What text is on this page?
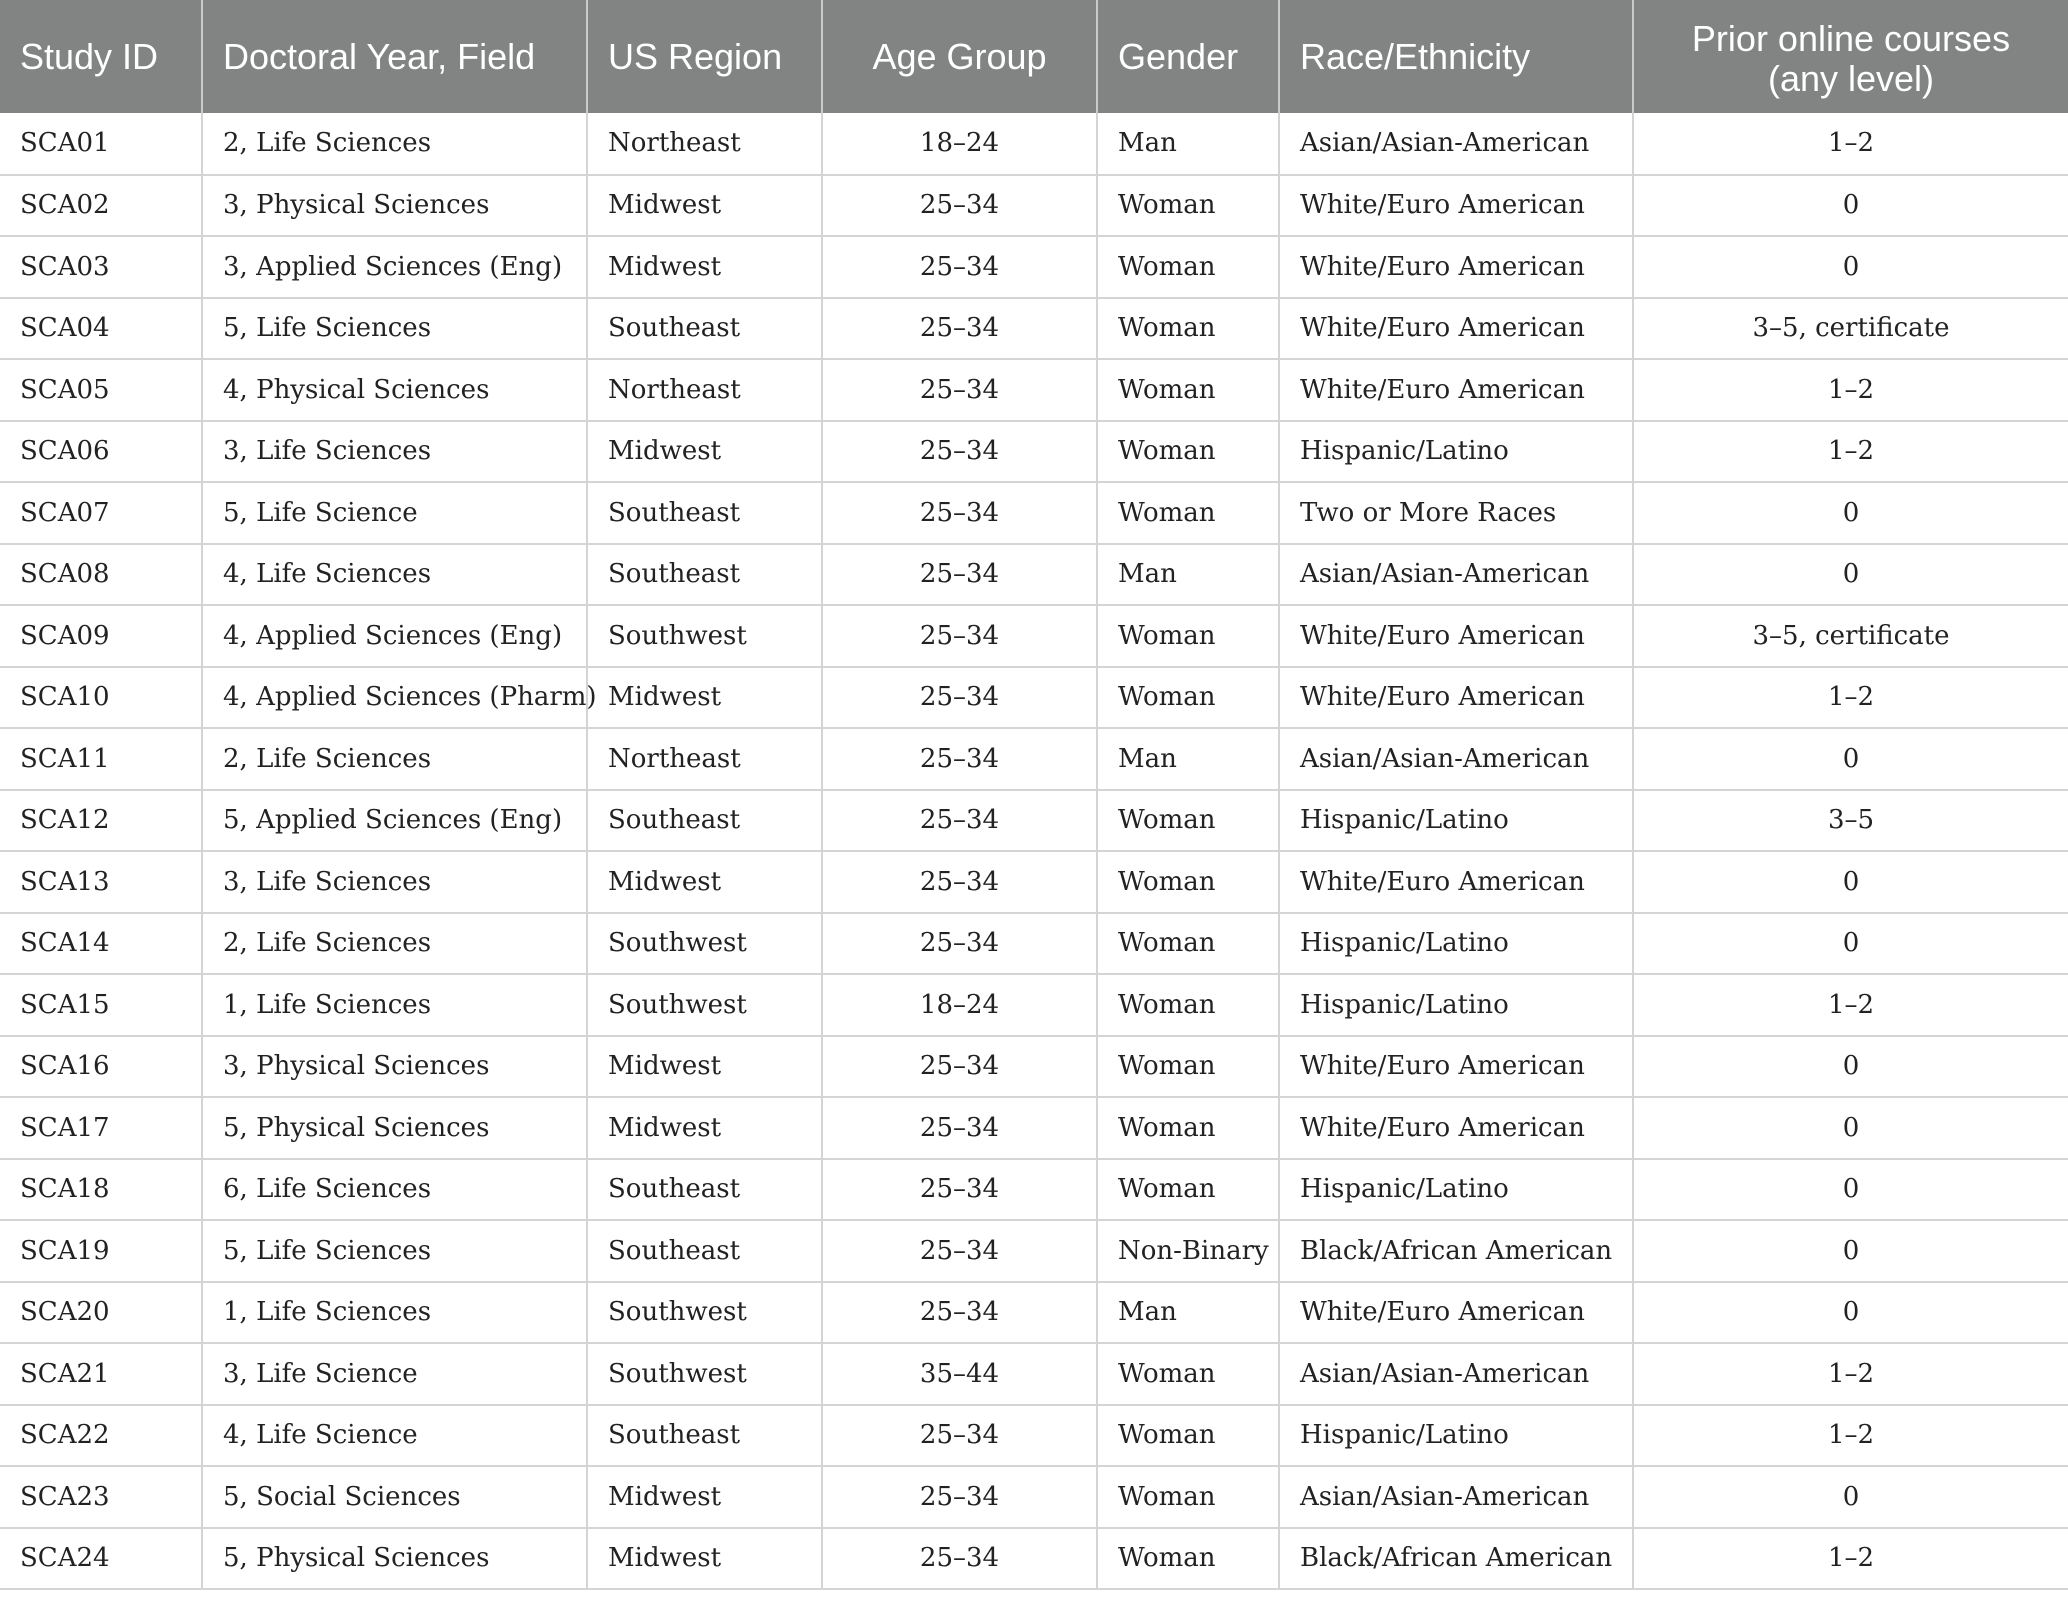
Study ID	Doctoral Year, Field	US Region	Age Group	Gender	Race/Ethnicity	Prior online courses
(any level)
SCA01	2, Life Sciences	Northeast	18–24	Man	Asian/Asian-American	1–2
SCA02	3, Physical Sciences	Midwest	25–34	Woman	White/Euro American	0
SCA03	3, Applied Sciences (Eng)	Midwest	25–34	Woman	White/Euro American	0
SCA04	5, Life Sciences	Southeast	25–34	Woman	White/Euro American	3–5, certificate
SCA05	4, Physical Sciences	Northeast	25–34	Woman	White/Euro American	1–2
SCA06	3, Life Sciences	Midwest	25–34	Woman	Hispanic/Latino	1–2
SCA07	5, Life Science	Southeast	25–34	Woman	Two or More Races	0
SCA08	4, Life Sciences	Southeast	25–34	Man	Asian/Asian-American	0
SCA09	4, Applied Sciences (Eng)	Southwest	25–34	Woman	White/Euro American	3–5, certificate
SCA10	4, Applied Sciences (Pharm)	Midwest	25–34	Woman	White/Euro American	1–2
SCA11	2, Life Sciences	Northeast	25–34	Man	Asian/Asian-American	0
SCA12	5, Applied Sciences (Eng)	Southeast	25–34	Woman	Hispanic/Latino	3–5
SCA13	3, Life Sciences	Midwest	25–34	Woman	White/Euro American	0
SCA14	2, Life Sciences	Southwest	25–34	Woman	Hispanic/Latino	0
SCA15	1, Life Sciences	Southwest	18–24	Woman	Hispanic/Latino	1–2
SCA16	3, Physical Sciences	Midwest	25–34	Woman	White/Euro American	0
SCA17	5, Physical Sciences	Midwest	25–34	Woman	White/Euro American	0
SCA18	6, Life Sciences	Southeast	25–34	Woman	Hispanic/Latino	0
SCA19	5, Life Sciences	Southeast	25–34	Non-Binary	Black/African American	0
SCA20	1, Life Sciences	Southwest	25–34	Man	White/Euro American	0
SCA21	3, Life Science	Southwest	35–44	Woman	Asian/Asian-American	1–2
SCA22	4, Life Science	Southeast	25–34	Woman	Hispanic/Latino	1–2
SCA23	5, Social Sciences	Midwest	25–34	Woman	Asian/Asian-American	0
SCA24	5, Physical Sciences	Midwest	25–34	Woman	Black/African American	1–2
